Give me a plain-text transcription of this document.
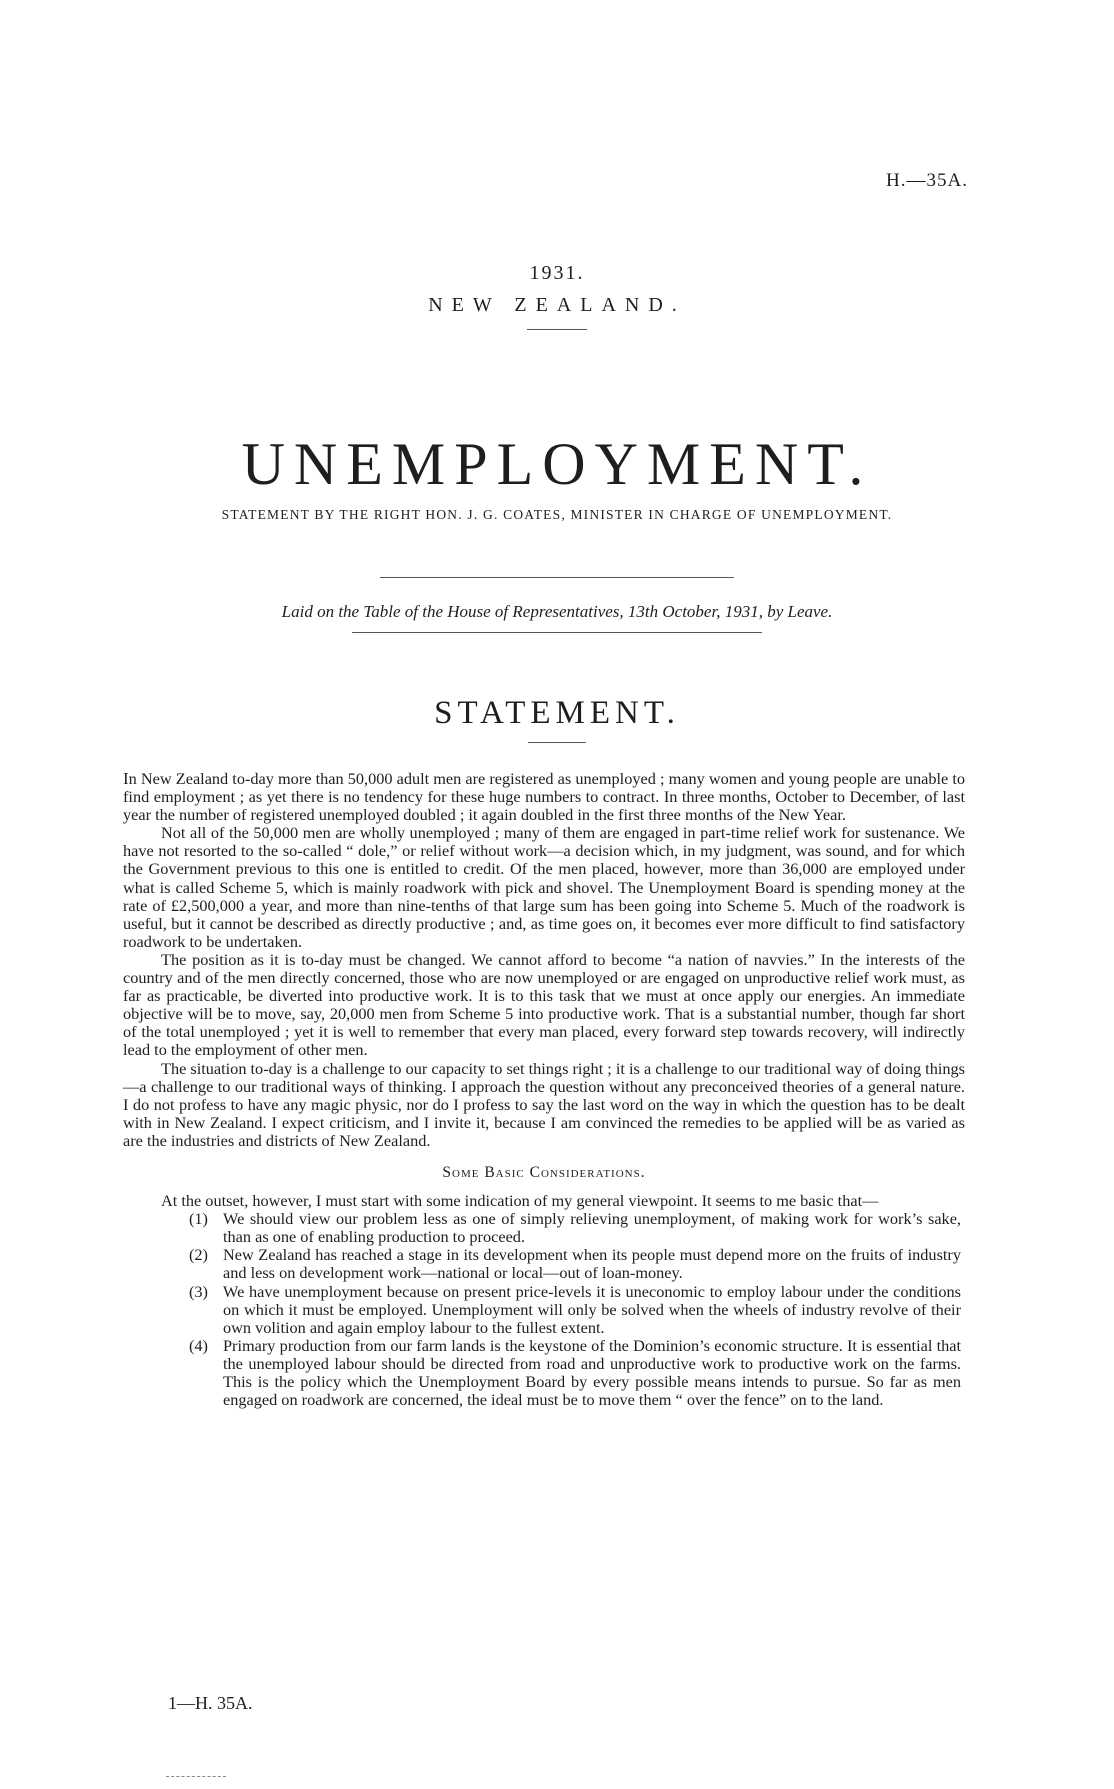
H.—35A.
1931.
NEW ZEALAND.
UNEMPLOYMENT.
STATEMENT BY THE RIGHT HON. J. G. COATES, MINISTER IN CHARGE OF UNEMPLOYMENT.
Laid on the Table of the House of Representatives, 13th October, 1931, by Leave.
STATEMENT.

In New Zealand to-day more than 50,000 adult men are registered as unemployed ; many women and young people are unable to find employment ; as yet there is no tendency for these huge numbers to contract. In three months, October to December, of last year the number of registered unemployed doubled ; it again doubled in the first three months of the New Year.

Not all of the 50,000 men are wholly unemployed ; many of them are engaged in part-time relief work for sustenance. We have not resorted to the so-called “ dole,” or relief without work—a decision which, in my judgment, was sound, and for which the Government previous to this one is entitled to credit. Of the men placed, however, more than 36,000 are employed under what is called Scheme 5, which is mainly roadwork with pick and shovel. The Unemployment Board is spending money at the rate of £2,500,000 a year, and more than nine-tenths of that large sum has been going into Scheme 5. Much of the roadwork is useful, but it cannot be described as directly productive ; and, as time goes on, it becomes ever more difficult to find satisfactory roadwork to be undertaken.

The position as it is to-day must be changed. We cannot afford to become “a nation of navvies.” In the interests of the country and of the men directly concerned, those who are now unemployed or are engaged on unproductive relief work must, as far as practicable, be diverted into productive work. It is to this task that we must at once apply our energies. An immediate objective will be to move, say, 20,000 men from Scheme 5 into productive work. That is a substantial number, though far short of the total unemployed ; yet it is well to remember that every man placed, every forward step towards recovery, will indirectly lead to the employment of other men.

The situation to-day is a challenge to our capacity to set things right ; it is a challenge to our traditional way of doing things—a challenge to our traditional ways of thinking. I approach the question without any preconceived theories of a general nature. I do not profess to have any magic physic, nor do I profess to say the last word on the way in which the question has to be dealt with in New Zealand. I expect criticism, and I invite it, because I am convinced the remedies to be applied will be as varied as are the industries and districts of New Zealand.

Some Basic Considerations.

At the outset, however, I must start with some indication of my general viewpoint. It seems to me basic that—

(1) We should view our problem less as one of simply relieving unemployment, of making work for work’s sake, than as one of enabling production to proceed.
(2) New Zealand has reached a stage in its development when its people must depend more on the fruits of industry and less on development work—national or local—out of loan-money.
(3) We have unemployment because on present price-levels it is uneconomic to employ labour under the conditions on which it must be employed. Unemployment will only be solved when the wheels of industry revolve of their own volition and again employ labour to the fullest extent.
(4) Primary production from our farm lands is the keystone of the Dominion’s economic structure. It is essential that the unemployed labour should be directed from road and unproductive work to productive work on the farms. This is the policy which the Unemployment Board by every possible means intends to pursue. So far as men engaged on roadwork are concerned, the ideal must be to move them “ over the fence” on to the land.
1—H. 35A.
